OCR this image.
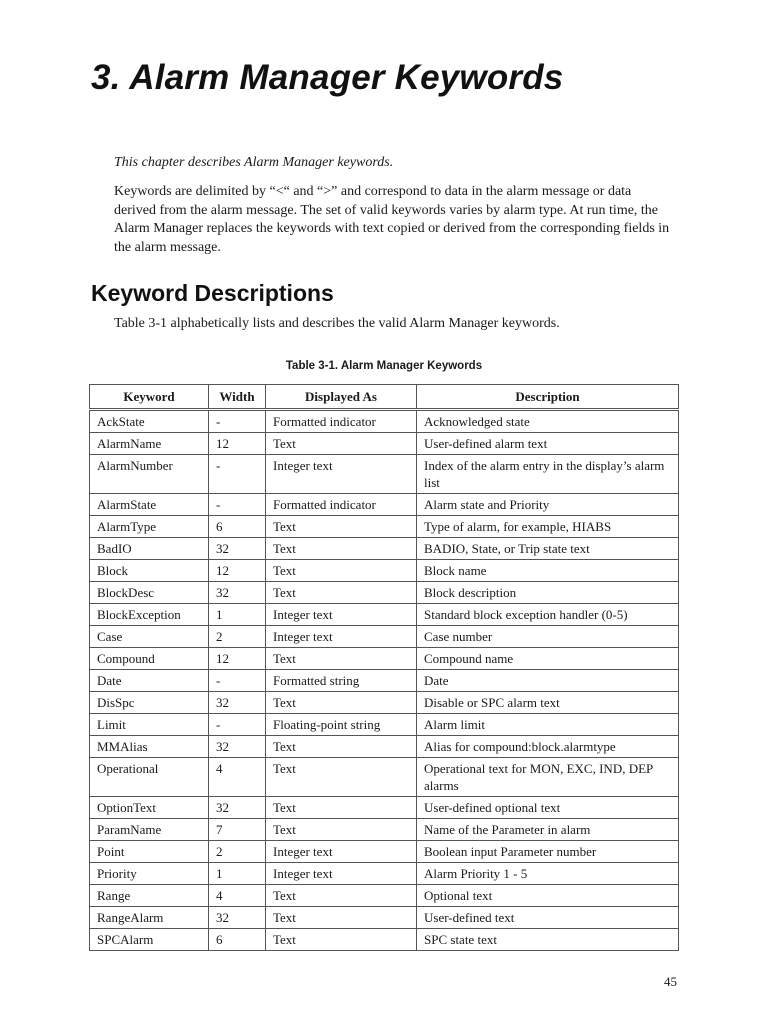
3. Alarm Manager Keywords

This chapter describes Alarm Manager keywords.

Keywords are delimited by “<“ and “>” and correspond to data in the alarm message or data derived from the alarm message. The set of valid keywords varies by alarm type. At run time, the Alarm Manager replaces the keywords with text copied or derived from the corresponding fields in the alarm message.

Keyword Descriptions

Table 3-1 alphabetically lists and describes the valid Alarm Manager keywords.

Table 3-1. Alarm Manager Keywords

Keyword	Width	Displayed As	Description
AckState	-	Formatted indicator	Acknowledged state
AlarmName	12	Text	User-defined alarm text
AlarmNumber	-	Integer text	Index of the alarm entry in the display’s alarm list
AlarmState	-	Formatted indicator	Alarm state and Priority
AlarmType	6	Text	Type of alarm, for example, HIABS
BadIO	32	Text	BADIO, State, or Trip state text
Block	12	Text	Block name
BlockDesc	32	Text	Block description
BlockException	1	Integer text	Standard block exception handler (0-5)
Case	2	Integer text	Case number
Compound	12	Text	Compound name
Date	-	Formatted string	Date
DisSpc	32	Text	Disable or SPC alarm text
Limit	-	Floating-point string	Alarm limit
MMAlias	32	Text	Alias for compound:block.alarmtype
Operational	4	Text	Operational text for MON, EXC, IND, DEP alarms
OptionText	32	Text	User-defined optional text
ParamName	7	Text	Name of the Parameter in alarm
Point	2	Integer text	Boolean input Parameter number
Priority	1	Integer text	Alarm Priority 1 - 5
Range	4	Text	Optional text
RangeAlarm	32	Text	User-defined text
SPCAlarm	6	Text	SPC state text

45
